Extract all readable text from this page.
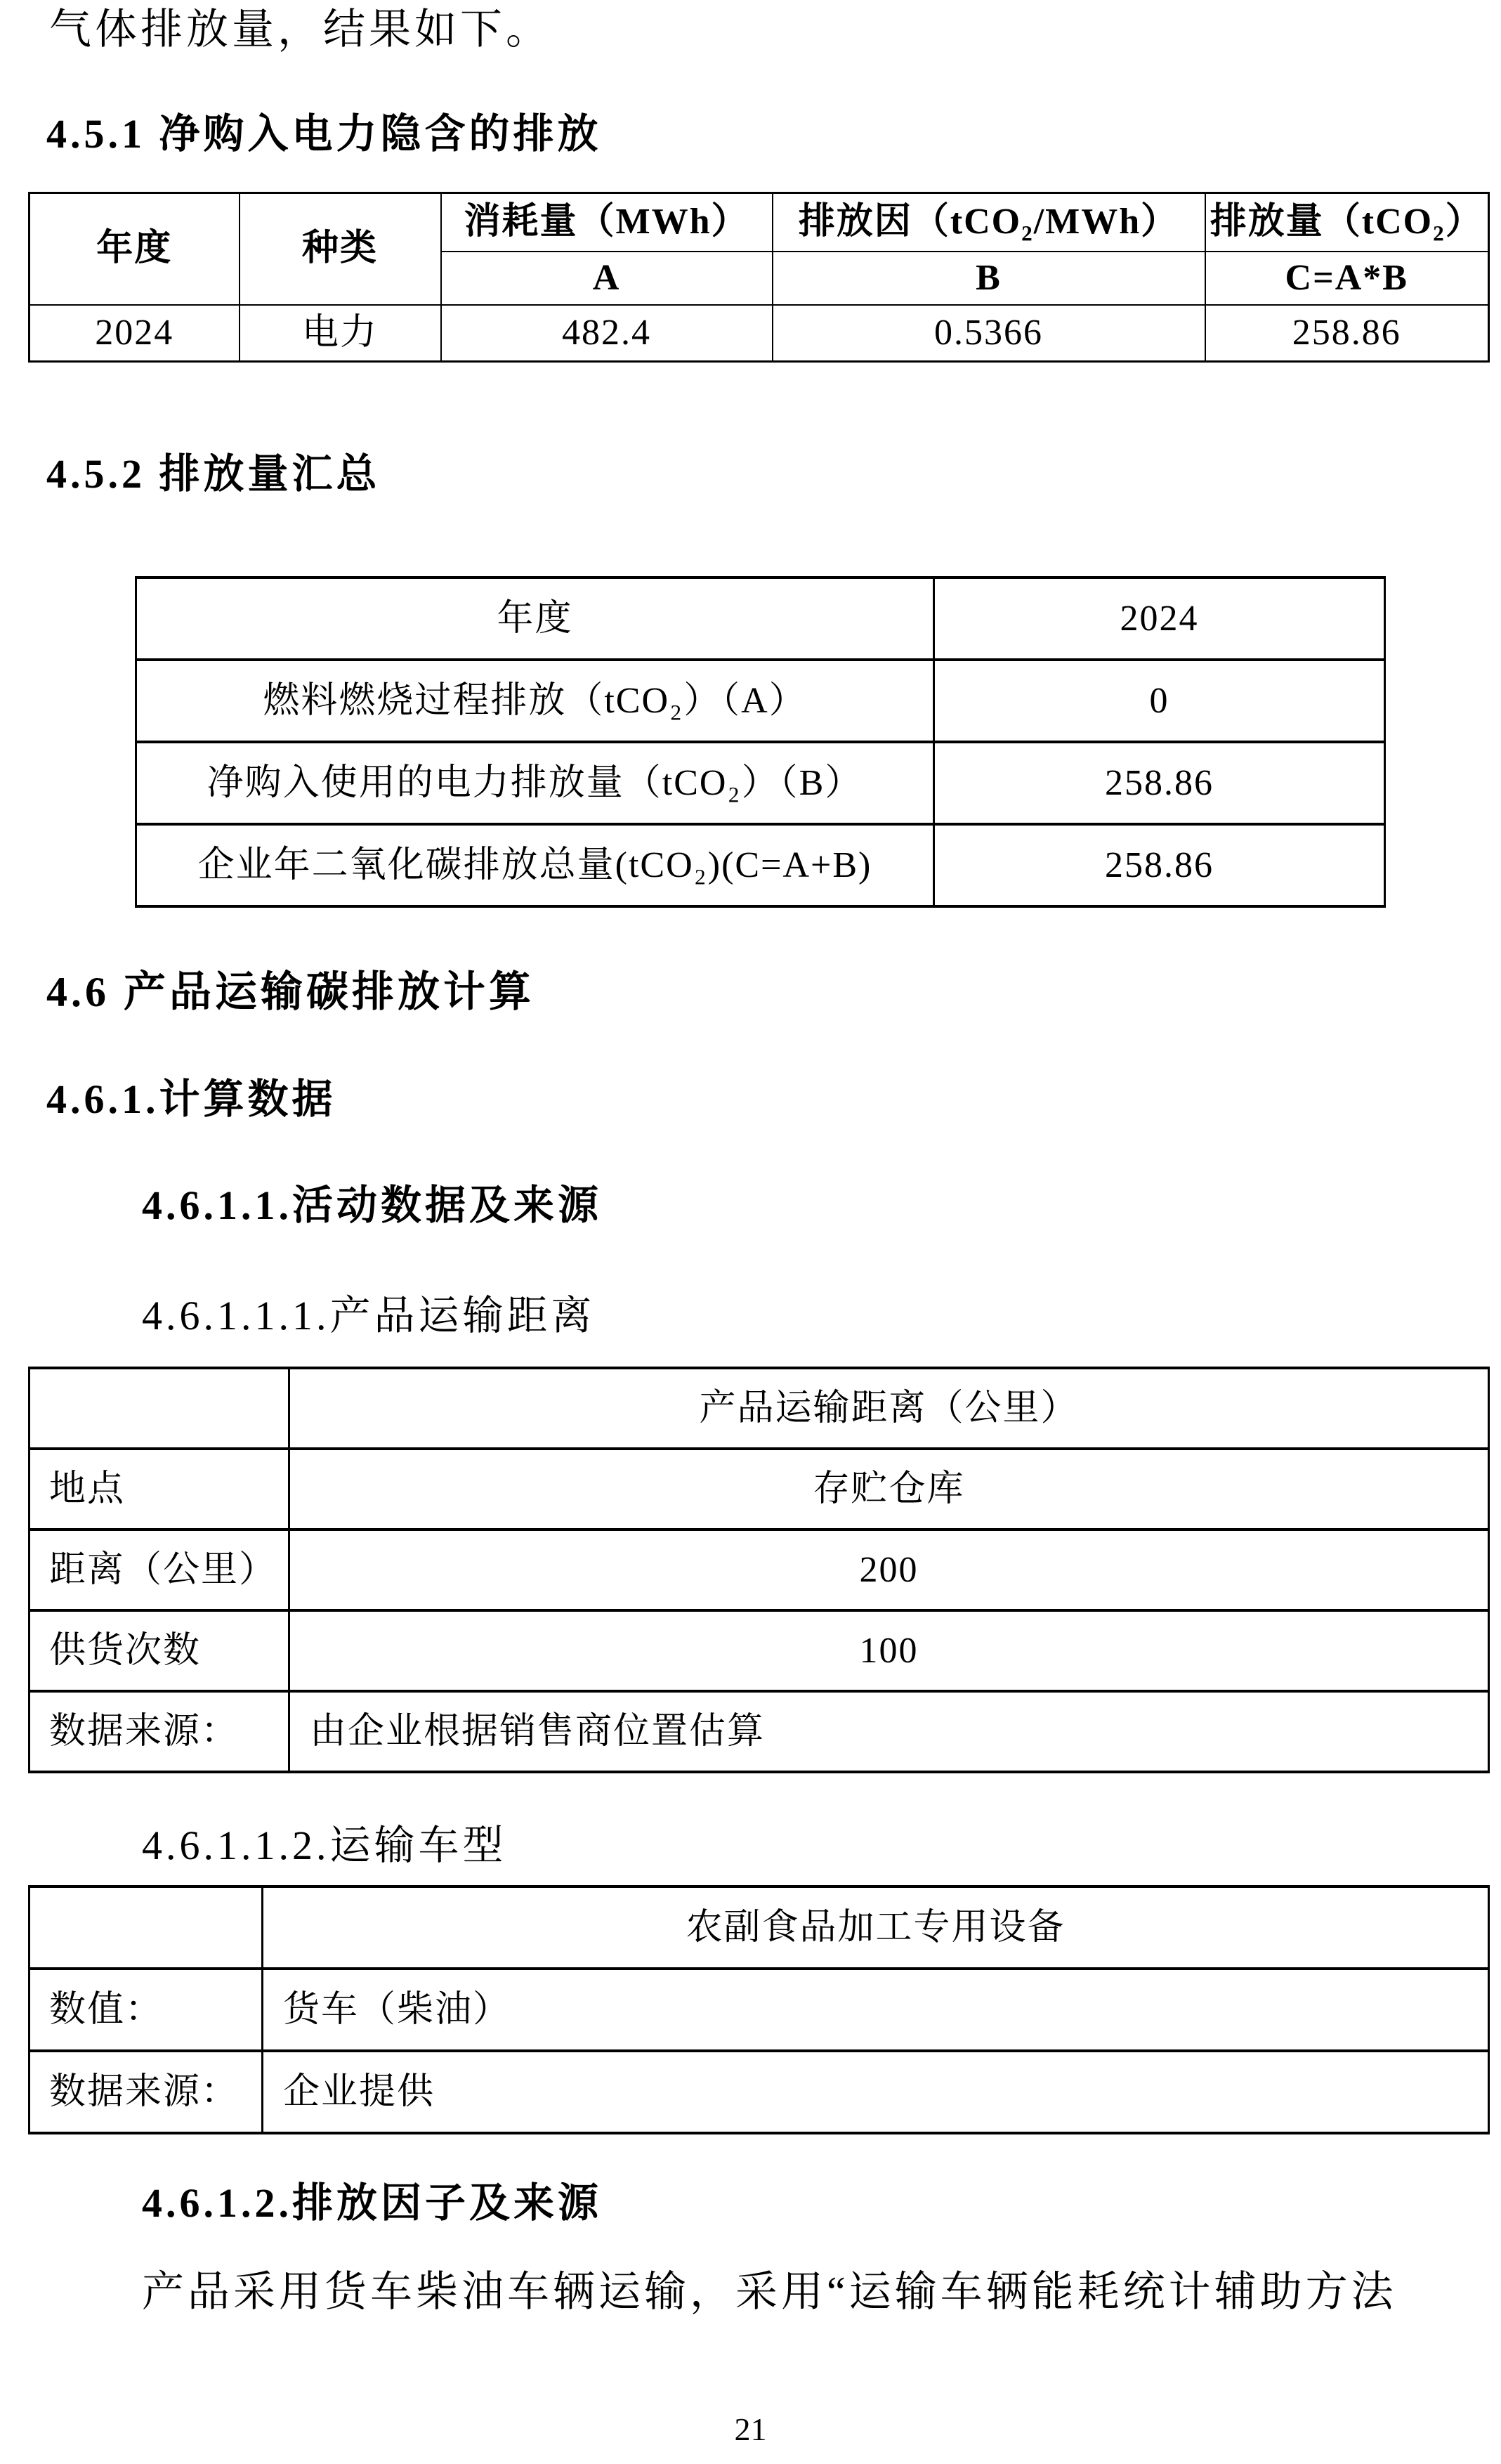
气体排放量，结果如下。
4.5.1 净购入电力隐含的排放
年度	种类	消耗量（MWh）	排放因（tCO₂/MWh）	排放量（tCO₂）
		A	B	C=A*B
2024	电力	482.4	0.5366	258.86
4.5.2 排放量汇总
年度	2024
燃料燃烧过程排放（tCO₂）（A）	0
净购入使用的电力排放量（tCO₂）（B）	258.86
企业年二氧化碳排放总量(tCO₂)(C=A+B)	258.86
4.6 产品运输碳排放计算
4.6.1.计算数据
4.6.1.1.活动数据及来源
4.6.1.1.1.产品运输距离
	产品运输距离（公里）
地点	存贮仓库
距离（公里）	200
供货次数	100
数据来源：	由企业根据销售商位置估算
4.6.1.1.2.运输车型
	农副食品加工专用设备
数值：	货车（柴油）
数据来源：	企业提供
4.6.1.2.排放因子及来源
产品采用货车柴油车辆运输，采用“运输车辆能耗统计辅助方法
21
